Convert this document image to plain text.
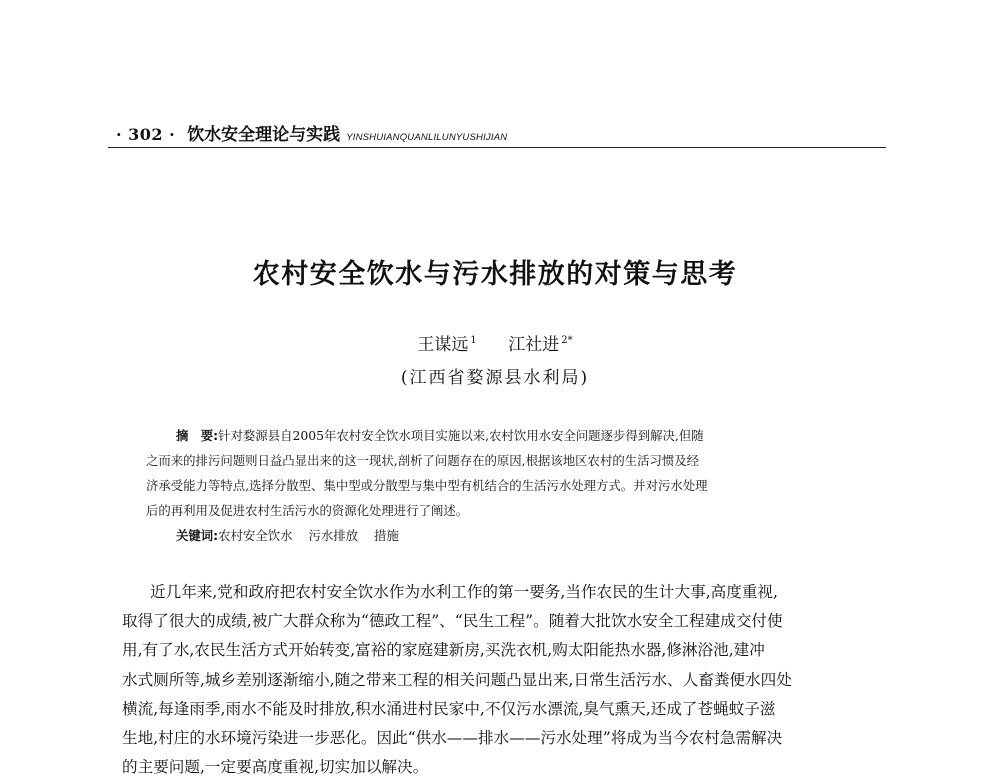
· 302 · 饮水安全理论与实践 YINSHUIANQUANLILUNYUSHIJIAN
农村安全饮水与污水排放的对策与思考
王谋远 $^1$ 江社进 $^{2*}$
(江西省婺源县水利局)
摘　要:针对婺源县自2005年农村安全饮水项目实施以来,农村饮用水安全问题逐步得到解决,但随
之而来的排污问题则日益凸显出来的这一现状,剖析了问题存在的原因,根据该地区农村的生活习惯及经
济承受能力等特点,选择分散型、集中型或分散型与集中型有机结合的生活污水处理方式。并对污水处理
后的再利用及促进农村生活污水的资源化处理进行了阐述。
关键词:农村安全饮水 污水排放 措施
近几年来,党和政府把农村安全饮水作为水利工作的第一要务,当作农民的生计大事,高度重视,
取得了很大的成绩,被广大群众称为“德政工程”、“民生工程”。随着大批饮水安全工程建成交付使
用,有了水,农民生活方式开始转变,富裕的家庭建新房,买洗衣机,购太阳能热水器,修淋浴池,建冲
水式厕所等,城乡差别逐渐缩小,随之带来工程的相关问题凸显出来,日常生活污水、人畜粪便水四处
横流,每逢雨季,雨水不能及时排放,积水涌进村民家中,不仅污水漂流,臭气熏天,还成了苍蝇蚊子滋
生地,村庄的水环境污染进一步恶化。因此“供水——排水——污水处理”将成为当今农村急需解决
的主要问题,一定要高度重视,切实加以解决。
